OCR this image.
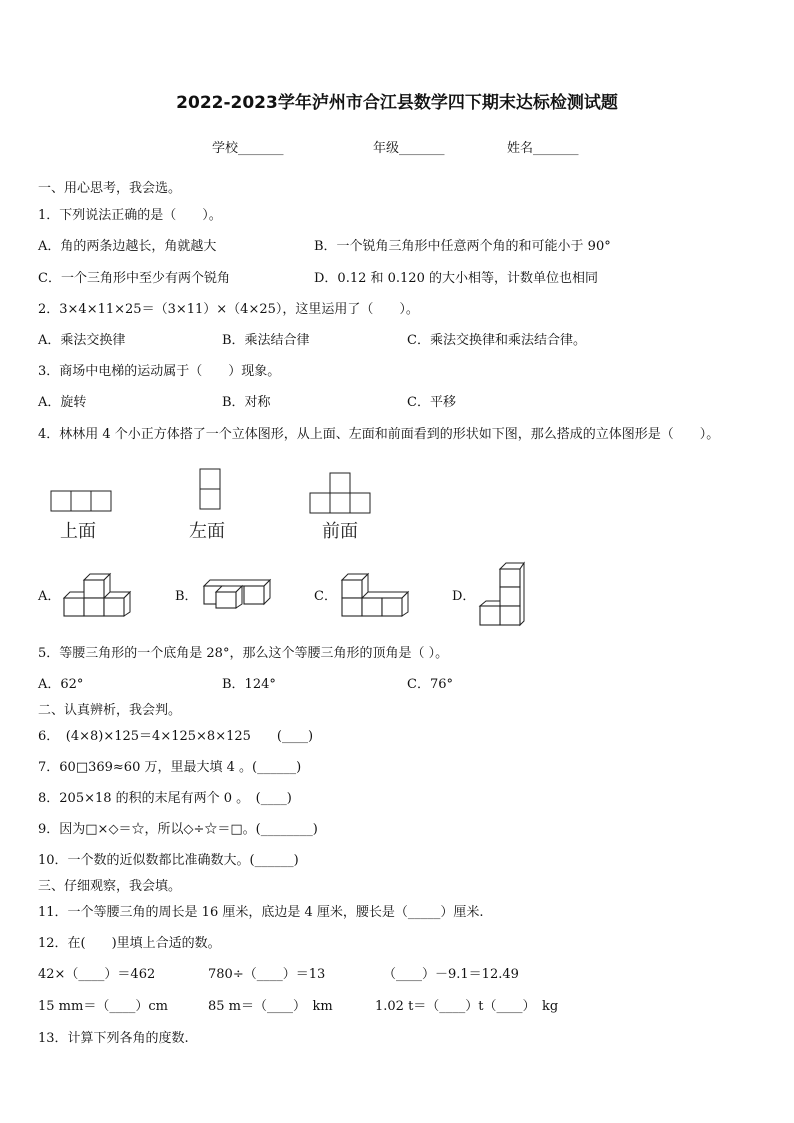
2022-2023学年泸州市合江县数学四下期末达标检测试题
学校_______	年级_______	姓名_______
一、用心思考，我会选。
1．下列说法正确的是（　　）。
A．角的两条边越长，角就越大	B．一个锐角三角形中任意两个角的和可能小于 90°
C．一个三角形中至少有两个锐角	D．0.12 和 0.120 的大小相等，计数单位也相同
2．3×4×11×25＝（3×11）×（4×25），这里运用了（　　）。
A．乘法交换律	B．乘法结合律	C．乘法交换律和乘法结合律。
3．商场中电梯的运动属于（　　）现象。
A．旋转	B．对称	C．平移
4．林林用 4 个小正方体搭了一个立体图形，从上面、左面和前面看到的形状如下图，那么搭成的立体图形是（　　）。
上面	左面	前面
A．	B．	C．	D．
5．等腰三角形的一个底角是 28°，那么这个等腰三角形的顶角是（ ）。
A．62°	B．124°	C．76°
二、认真辨析，我会判。
6．　(4×8)×125＝4×125×8×125　　(____)
7．60□369≈60 万，里最大填 4 。(______)
8．205×18 的积的末尾有两个 0 。　(____)
9．因为□×◇＝☆，所以◇÷☆＝□。(________)
10．一个数的近似数都比准确数大。(______)
三、仔细观察，我会填。
11．一个等腰三角的周长是 16 厘米，底边是 4 厘米，腰长是（_____）厘米.
12．在(　　)里填上合适的数。
42×（____）＝462	780÷（____）＝13	（____）－9.1＝12.49
15 mm＝（____）cm	85 m＝（____）　km	1.02 t＝（____）t（____）　kg
13．计算下列各角的度数.
